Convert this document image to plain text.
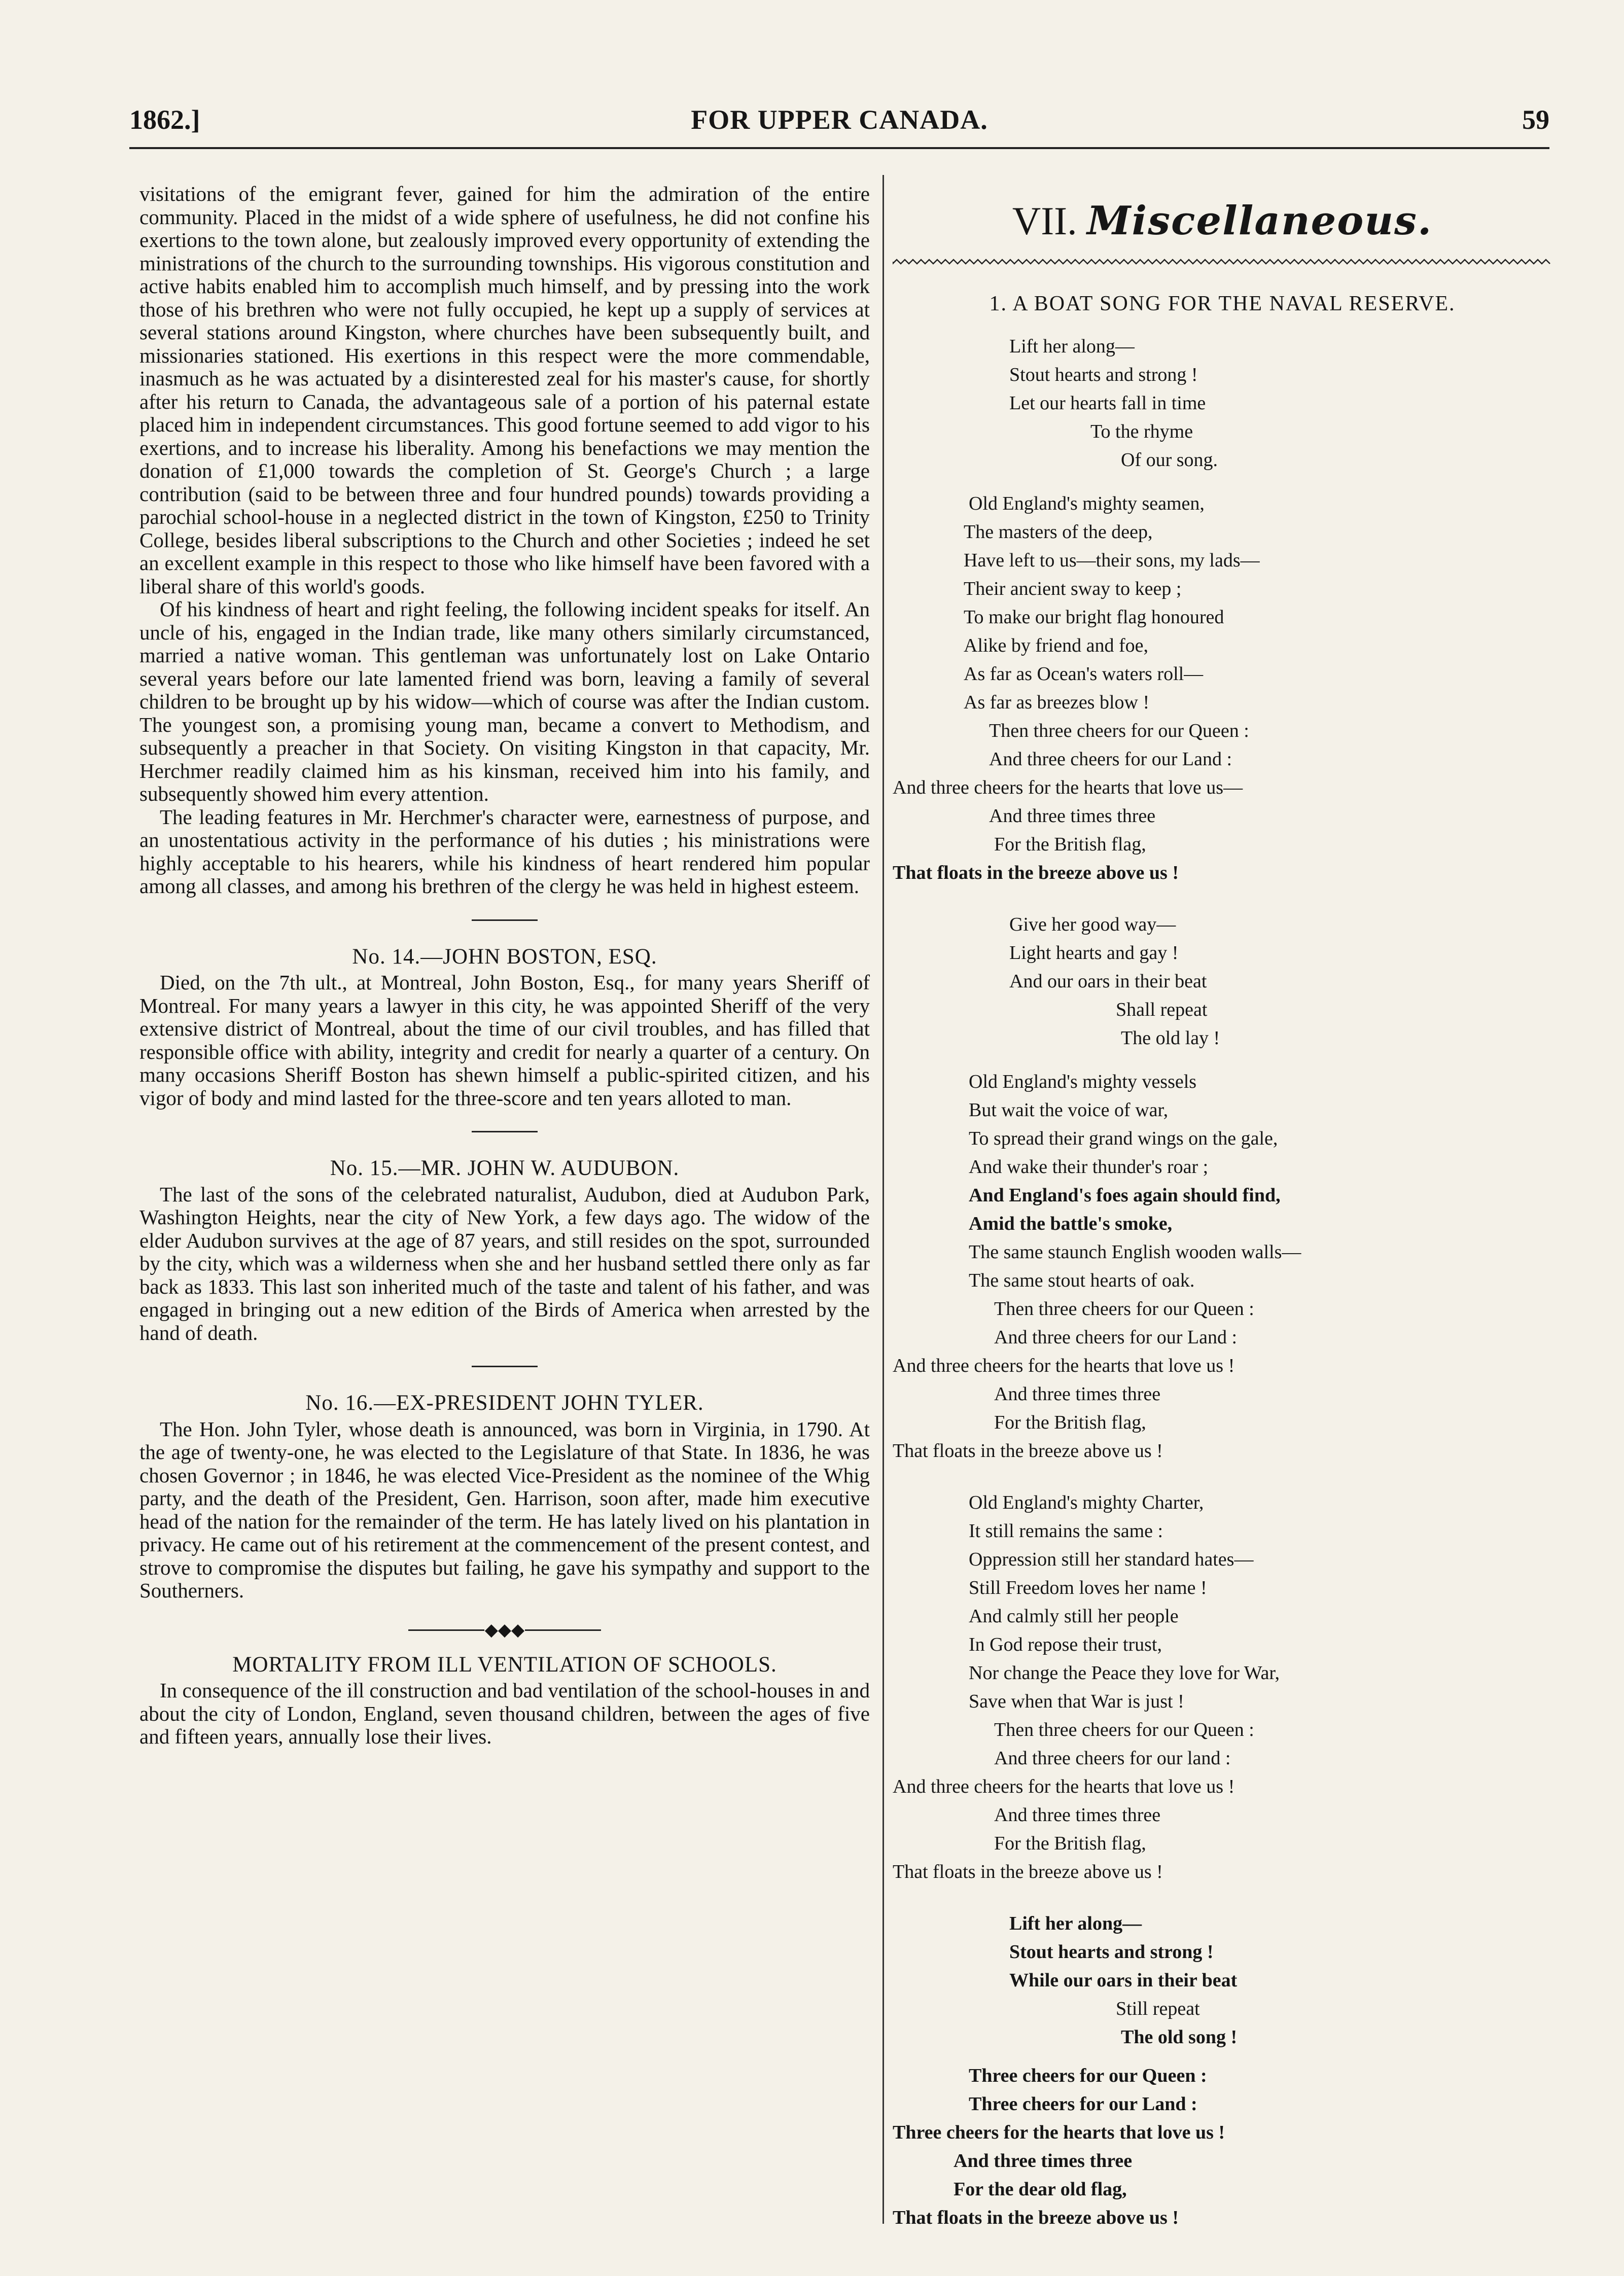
1862.]	FOR UPPER CANADA.	59

visitations of the emigrant fever, gained for him the admiration of the entire community. Placed in the midst of a wide sphere of usefulness, he did not confine his exertions to the town alone, but zealously improved every opportunity of extending the ministrations of the church to the surrounding townships. His vigorous constitution and active habits enabled him to accomplish much himself, and by pressing into the work those of his brethren who were not fully occupied, he kept up a supply of services at several stations around Kingston, where churches have been subsequently built, and missionaries stationed. His exertions in this respect were the more commendable, inasmuch as he was actuated by a disinterested zeal for his master's cause, for shortly after his return to Canada, the advantageous sale of a portion of his paternal estate placed him in independent circumstances. This good fortune seemed to add vigor to his exertions, and to increase his liberality. Among his benefactions we may mention the donation of £1,000 towards the completion of St. George's Church ; a large contribution (said to be between three and four hundred pounds) towards providing a parochial school-house in a neglected district in the town of Kingston, £250 to Trinity College, besides liberal subscriptions to the Church and other Societies ; indeed he set an excellent example in this respect to those who like himself have been favored with a liberal share of this world's goods.

Of his kindness of heart and right feeling, the following incident speaks for itself. An uncle of his, engaged in the Indian trade, like many others similarly circumstanced, married a native woman. This gentleman was unfortunately lost on Lake Ontario several years before our late lamented friend was born, leaving a family of several children to be brought up by his widow—which of course was after the Indian custom. The youngest son, a promising young man, became a convert to Methodism, and subsequently a preacher in that Society. On visiting Kingston in that capacity, Mr. Herchmer readily claimed him as his kinsman, received him into his family, and subsequently showed him every attention.

The leading features in Mr. Herchmer's character were, earnestness of purpose, and an unostentatious activity in the performance of his duties ; his ministrations were highly acceptable to his hearers, while his kindness of heart rendered him popular among all classes, and among his brethren of the clergy he was held in highest esteem.

No. 14.—JOHN BOSTON, ESQ.

Died, on the 7th ult., at Montreal, John Boston, Esq., for many years Sheriff of Montreal. For many years a lawyer in this city, he was appointed Sheriff of the very extensive district of Montreal, about the time of our civil troubles, and has filled that responsible office with ability, integrity and credit for nearly a quarter of a century. On many occasions Sheriff Boston has shewn himself a public-spirited citizen, and his vigor of body and mind lasted for the three-score and ten years alloted to man.

No. 15.—MR. JOHN W. AUDUBON.

The last of the sons of the celebrated naturalist, Audubon, died at Audubon Park, Washington Heights, near the city of New York, a few days ago. The widow of the elder Audubon survives at the age of 87 years, and still resides on the spot, surrounded by the city, which was a wilderness when she and her husband settled there only as far back as 1833. This last son inherited much of the taste and talent of his father, and was engaged in bringing out a new edition of the Birds of America when arrested by the hand of death.

No. 16.—EX-PRESIDENT JOHN TYLER.

The Hon. John Tyler, whose death is announced, was born in Virginia, in 1790. At the age of twenty-one, he was elected to the Legislature of that State. In 1836, he was chosen Governor ; in 1846, he was elected Vice-President as the nominee of the Whig party, and the death of the President, Gen. Harrison, soon after, made him executive head of the nation for the remainder of the term. He has lately lived on his plantation in privacy. He came out of his retirement at the commencement of the present contest, and strove to compromise the disputes but failing, he gave his sympathy and support to the Southerners.

◆◆◆
MORTALITY FROM ILL VENTILATION OF SCHOOLS.

In consequence of the ill construction and bad ventilation of the school-houses in and about the city of London, England, seven thousand children, between the ages of five and fifteen years, annually lose their lives.

VII. Miscellaneous.
1. A BOAT SONG FOR THE NAVAL RESERVE.
Lift her along—
Stout hearts and strong !
Let our hearts fall in time
To the rhyme
Of our song.
Old England's mighty seamen,
The masters of the deep,
Have left to us—their sons, my lads—
Their ancient sway to keep ;
To make our bright flag honoured
Alike by friend and foe,
As far as Ocean's waters roll—
As far as breezes blow !
Then three cheers for our Queen :
And three cheers for our Land :
And three cheers for the hearts that love us—
And three times three
For the British flag,
That floats in the breeze above us !
Give her good way—
Light hearts and gay !
And our oars in their beat
Shall repeat
The old lay !
Old England's mighty vessels
But wait the voice of war,
To spread their grand wings on the gale,
And wake their thunder's roar ;
And England's foes again should find,
Amid the battle's smoke,
The same staunch English wooden walls—
The same stout hearts of oak.
Then three cheers for our Queen :
And three cheers for our Land :
And three cheers for the hearts that love us !
And three times three
For the British flag,
That floats in the breeze above us !
Old England's mighty Charter,
It still remains the same :
Oppression still her standard hates—
Still Freedom loves her name !
And calmly still her people
In God repose their trust,
Nor change the Peace they love for War,
Save when that War is just !
Then three cheers for our Queen :
And three cheers for our land :
And three cheers for the hearts that love us !
And three times three
For the British flag,
That floats in the breeze above us !
Lift her along—
Stout hearts and strong !
While our oars in their beat
Still repeat
The old song !
Three cheers for our Queen :
Three cheers for our Land :
Three cheers for the hearts that love us !
And three times three
For the dear old flag,
That floats in the breeze above us !
